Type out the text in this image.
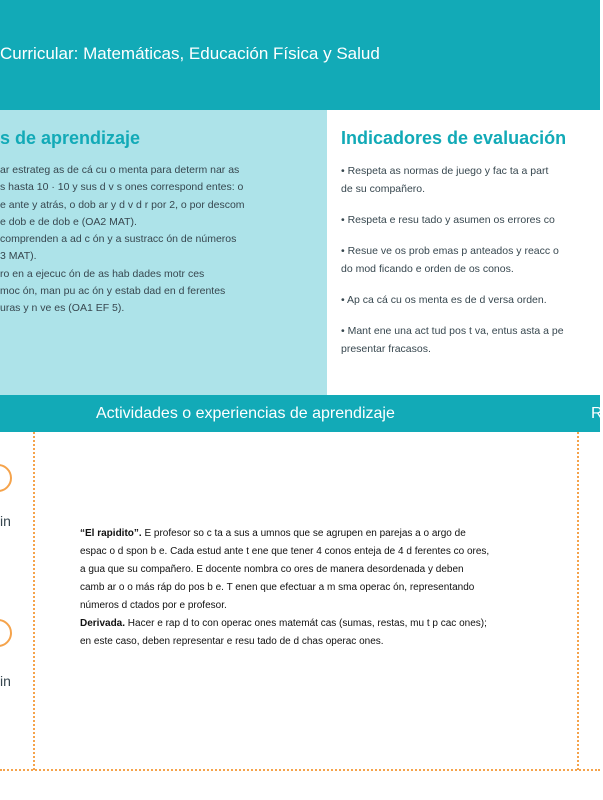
Curricular: Matemáticas, Educación Física y Salud
s de aprendizaje
ar estrateg as de cá cu o menta para determ nar as
s hasta 10 · 10 y sus d v s ones correspond entes: o
e ante y atrás, o dob ar y d v d r por 2, o por descom
e dob e de dob e (OA2 MAT).
comprenden a ad c ón y a sustracc ón de números
3 MAT).
ro en a ejecuc ón de as hab dades motr ces
moc ón, man pu ac ón y estab dad en d ferentes
uras y n ve es (OA1 EF 5).
Indicadores de evaluación
• Respeta as normas de juego y fac ta a part
de su compañero.
• Respeta e resu tado y asumen os errores co
• Resue ve os prob emas p anteados y reacc o
do mod ficando e orden de os conos.
• Ap ca cá cu os menta es de d versa orden.
• Mant ene una act tud pos t va, entus asta a pe
presentar fracasos.
Actividades o experiencias de aprendizaje	R
in
in
“El rapidito”. E profesor so c ta a sus a umnos que se agrupen en parejas a o argo de
espac o d spon b e. Cada estud ante t ene que tener 4 conos enteja de 4 d ferentes co ores,
a gua que su compañero. E docente nombra co ores de manera desordenada y deben
camb ar o o más ráp do pos b e. T enen que efectuar a m sma operac ón, representando
números d ctados por e profesor.
Derivada. Hacer e rap d to con operac ones matemát cas (sumas, restas, mu t p cac ones);
en este caso, deben representar e resu tado de d chas operac ones.
